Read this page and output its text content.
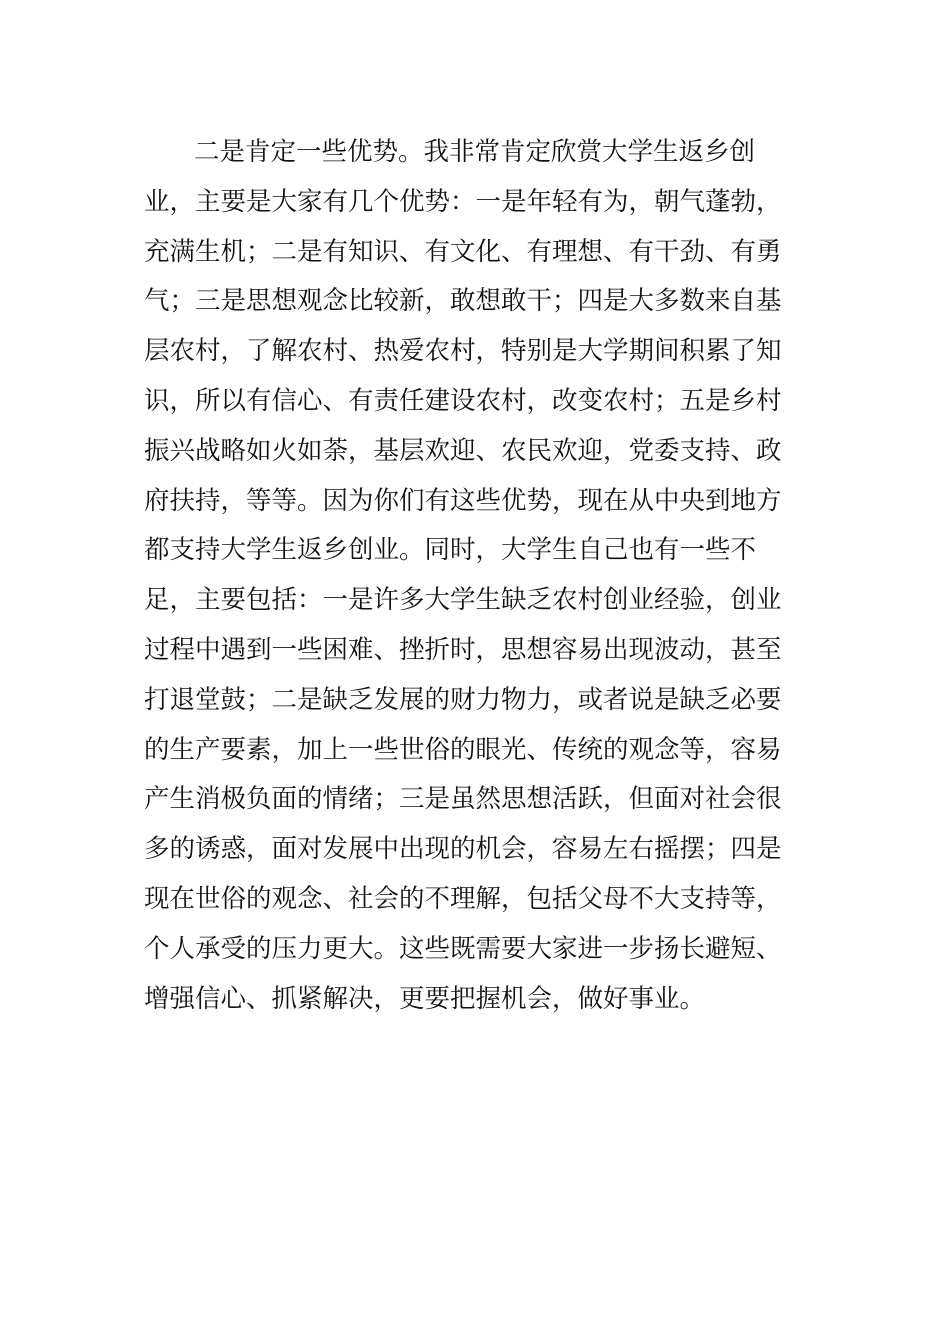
二是肯定一些优势。我非常肯定欣赏大学生返乡创
业，主要是大家有几个优势：一是年轻有为，朝气蓬勃，
充满生机；二是有知识、有文化、有理想、有干劲、有勇
气；三是思想观念比较新，敢想敢干；四是大多数来自基
层农村，了解农村、热爱农村，特别是大学期间积累了知
识，所以有信心、有责任建设农村，改变农村；五是乡村
振兴战略如火如荼，基层欢迎、农民欢迎，党委支持、政
府扶持，等等。因为你们有这些优势，现在从中央到地方
都支持大学生返乡创业。同时，大学生自己也有一些不
足，主要包括：一是许多大学生缺乏农村创业经验，创业
过程中遇到一些困难、挫折时，思想容易出现波动，甚至
打退堂鼓；二是缺乏发展的财力物力，或者说是缺乏必要
的生产要素，加上一些世俗的眼光、传统的观念等，容易
产生消极负面的情绪；三是虽然思想活跃，但面对社会很
多的诱惑，面对发展中出现的机会，容易左右摇摆；四是
现在世俗的观念、社会的不理解，包括父母不大支持等，
个人承受的压力更大。这些既需要大家进一步扬长避短、
增强信心、抓紧解决，更要把握机会，做好事业。
